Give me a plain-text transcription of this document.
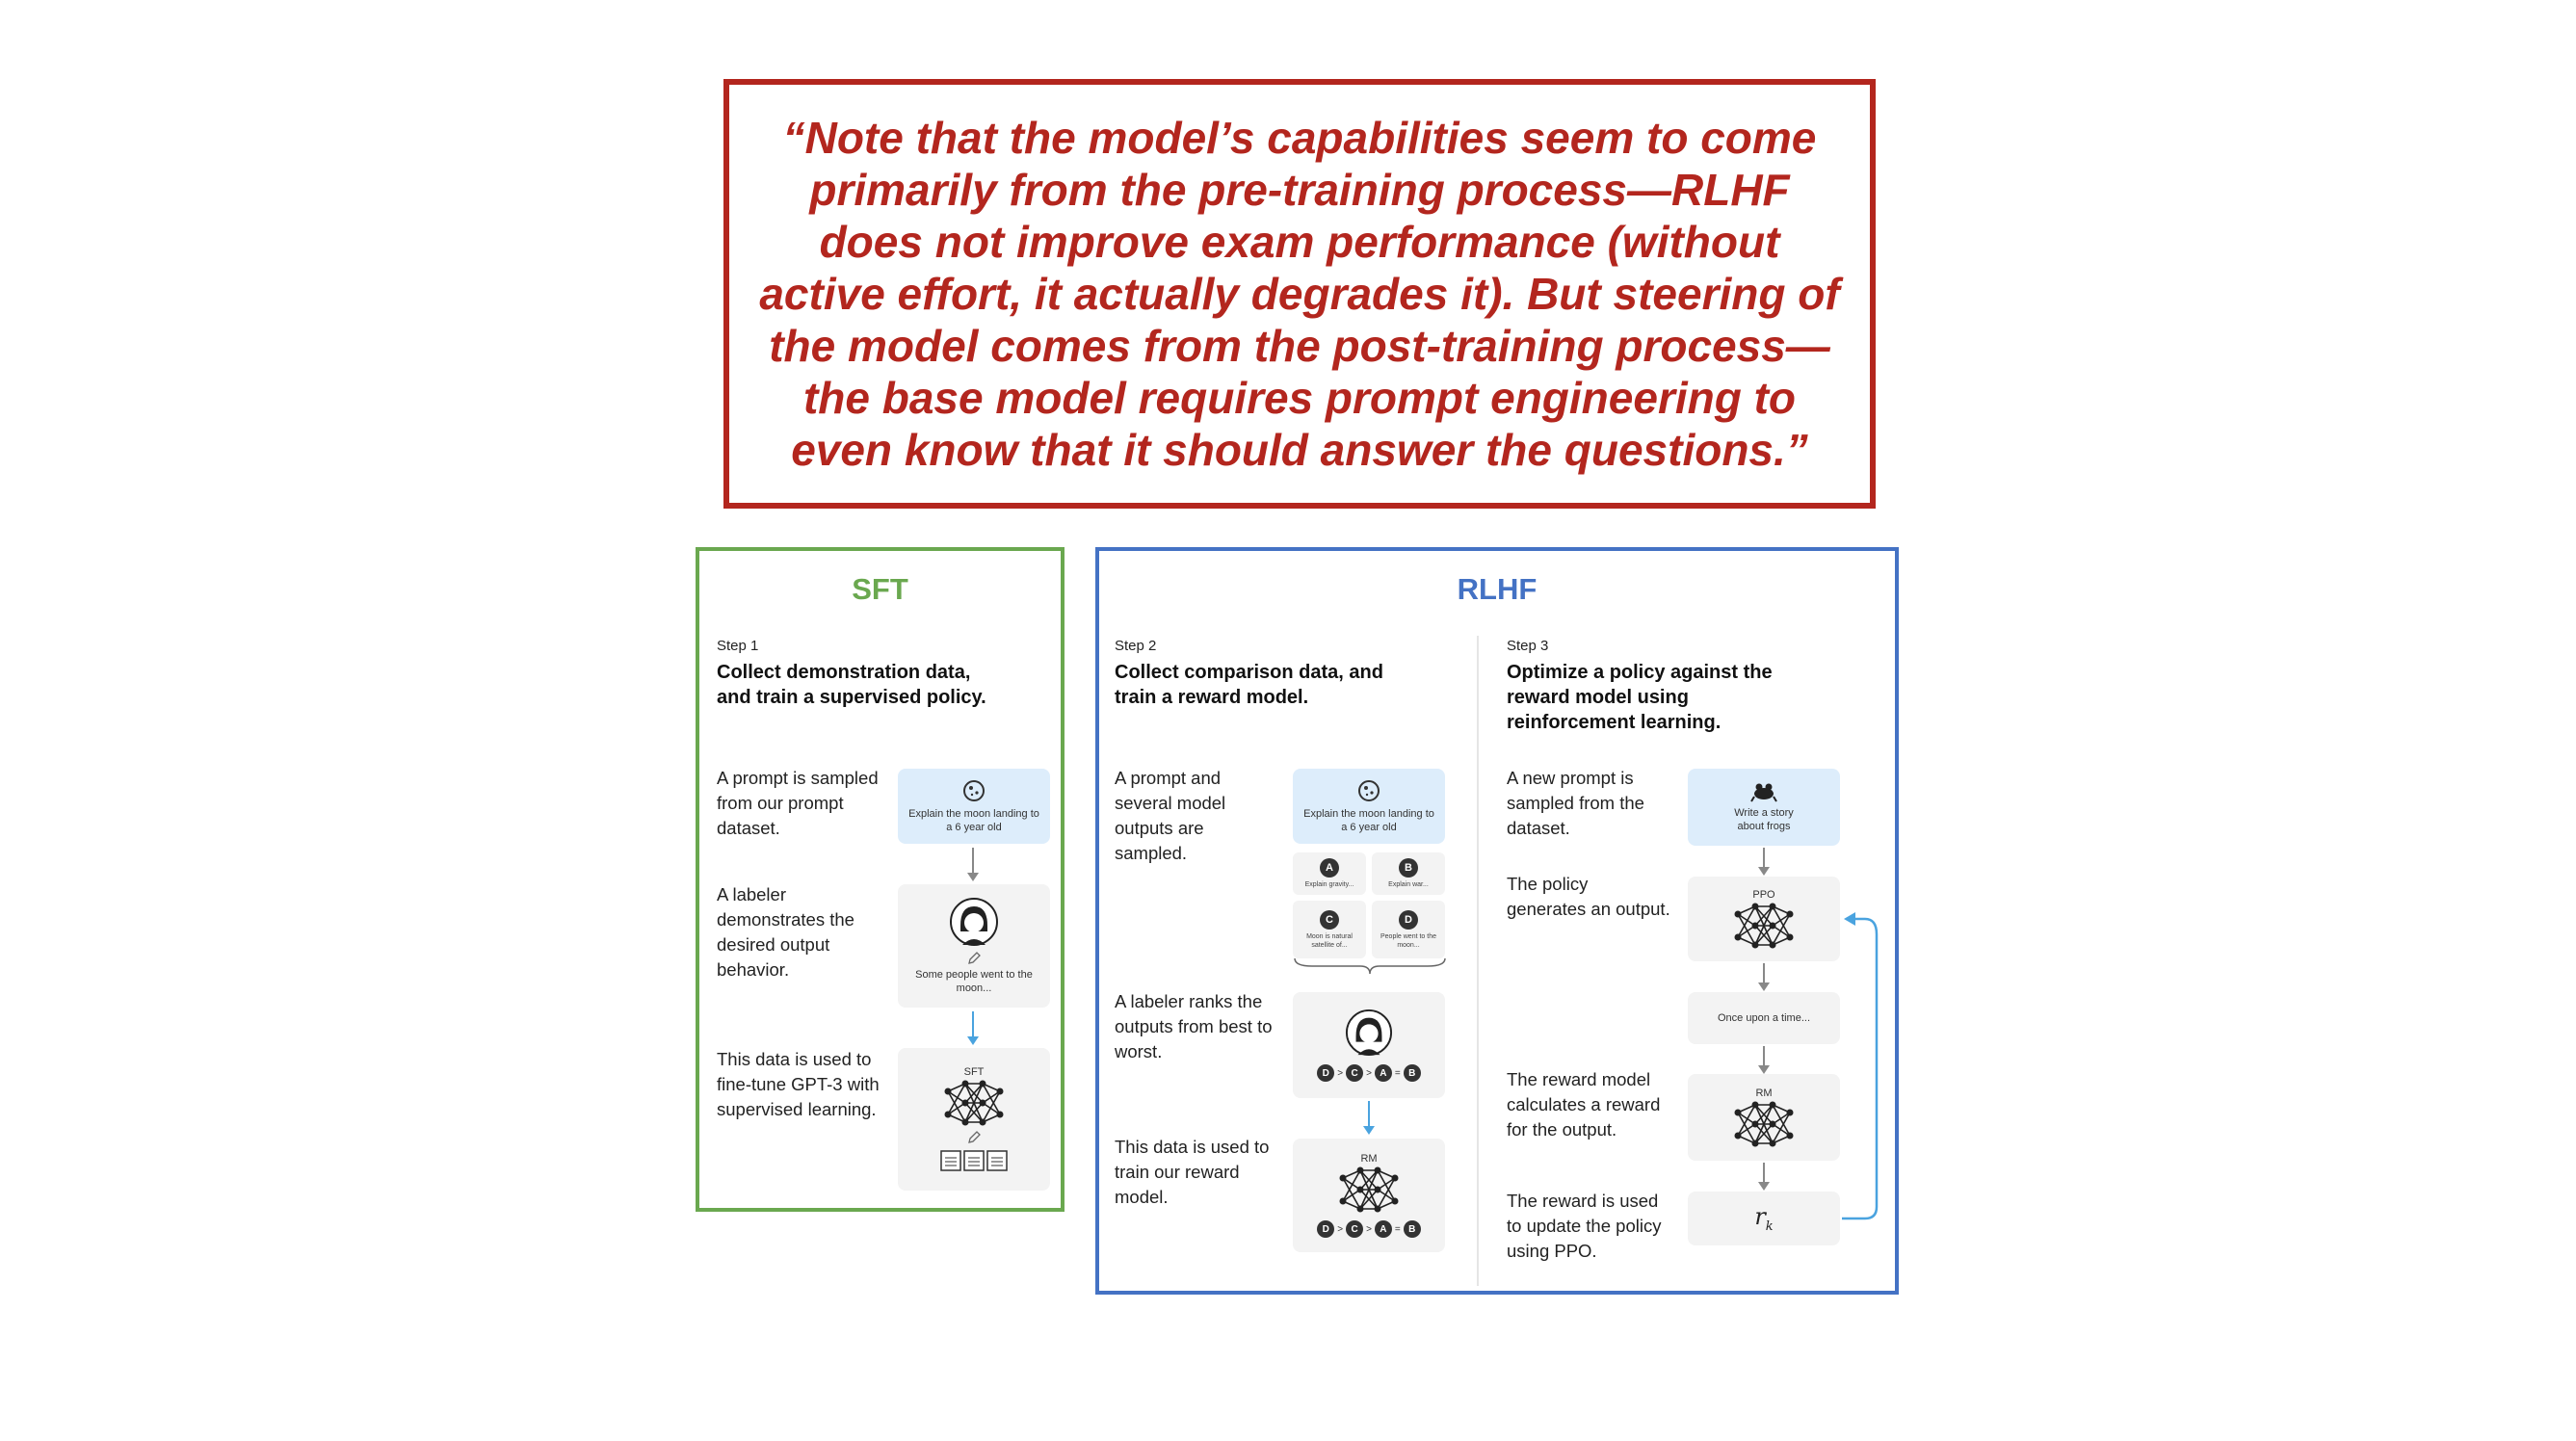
“Note that the model’s capabilities seem to come primarily from the pre-training process—RLHF does not improve exam performance (without active effort, it actually degrades it). But steering of the model comes from the post-training process—the base model requires prompt engineering to even know that it should answer the questions.”

SFT
Step 1
Collect demonstration data, and train a supervised policy.
A prompt is sampled from our prompt dataset.
A labeler demonstrates the desired output behavior.
This data is used to fine-tune GPT-3 with supervised learning.
Explain the moon landing to a 6 year old
Some people went to the moon...
SFT
RLHF
Step 2
Collect comparison data, and train a reward model.
A prompt and several model outputs are sampled.
A labeler ranks the outputs from best to worst.
This data is used to train our reward model.
Explain the moon landing to a 6 year old
A
Explain gravity...
B
Explain war...
C
Moon is natural satellite of...
D
People went to the moon...
D > C > A = B
RM
D > C > A = B
Step 3
Optimize a policy against the reward model using reinforcement learning.
A new prompt is sampled from the dataset.
The policy generates an output.
The reward model calculates a reward for the output.
The reward is used to update the policy using PPO.
Write a story about frogs
PPO
Once upon a time...
RM
$r_k$
